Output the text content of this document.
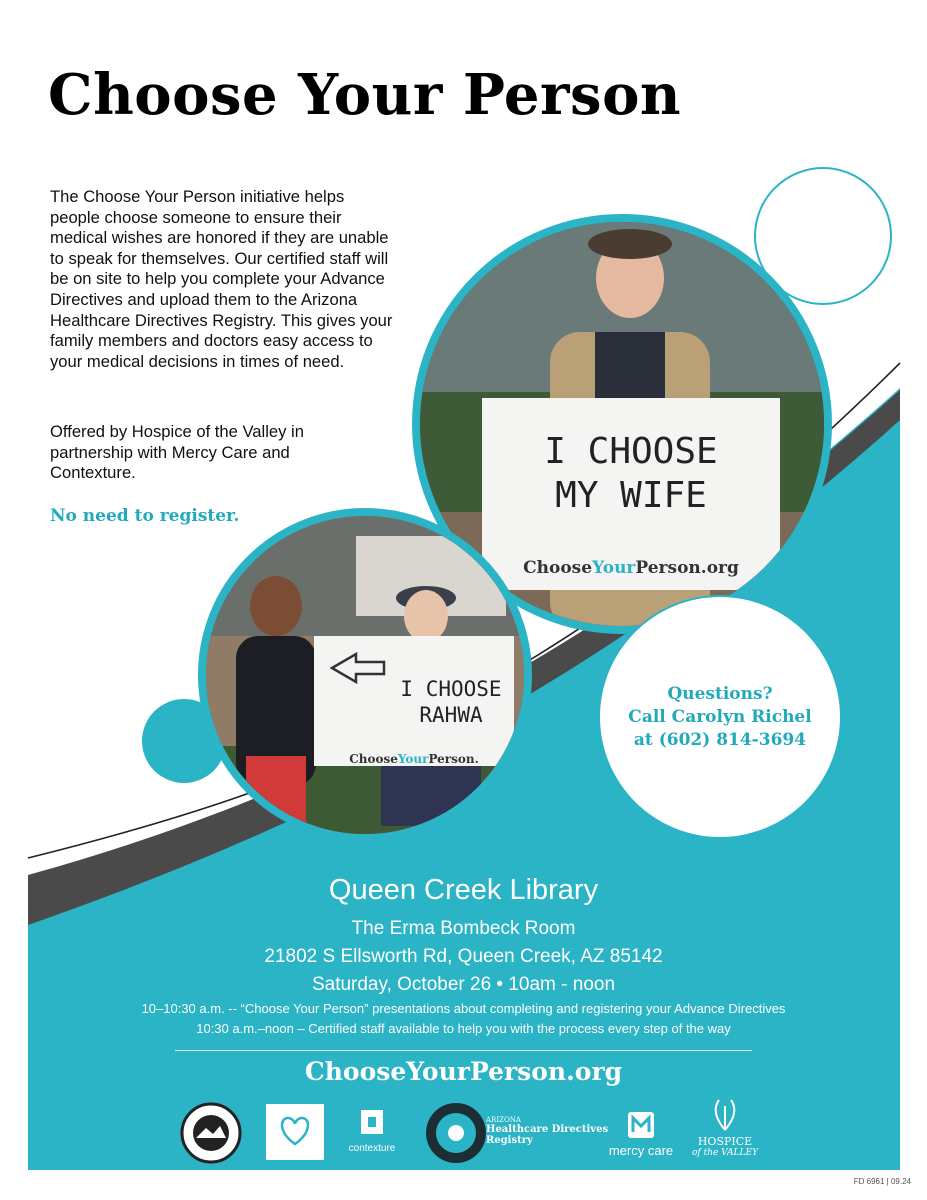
Choose Your Person
The Choose Your Person initiative helps people choose someone to ensure their medical wishes are honored if they are unable to speak for themselves. Our certified staff will be on site to help you complete your Advance Directives and upload them to the Arizona Healthcare Directives Registry. This gives your family members and doctors easy access to your medical decisions in times of need.
Offered by Hospice of the Valley in partnership with Mercy Care and Contexture.
No need to register.
I CHOOSE
MY WIFE
ChooseYourPerson.org
I CHOOSE
RAHWA
ChooseYourPerson.
Questions?
Call Carolyn Richel
at (602) 814-3694
Queen Creek Library
The Erma Bombeck Room
21802 S Ellsworth Rd, Queen Creek, AZ 85142
Saturday, October 26 • 10am - noon
10–10:30 a.m. -- “Choose Your Person” presentations about completing and registering your Advance Directives
10:30 a.m.–noon – Certified staff available to help you with the process every step of the way
ChooseYourPerson.org
contexture
ARIZONA
Healthcare Directives
Registry
mercy care
HOSPICE
of the VALLEY
FD 6961 | 09.24
